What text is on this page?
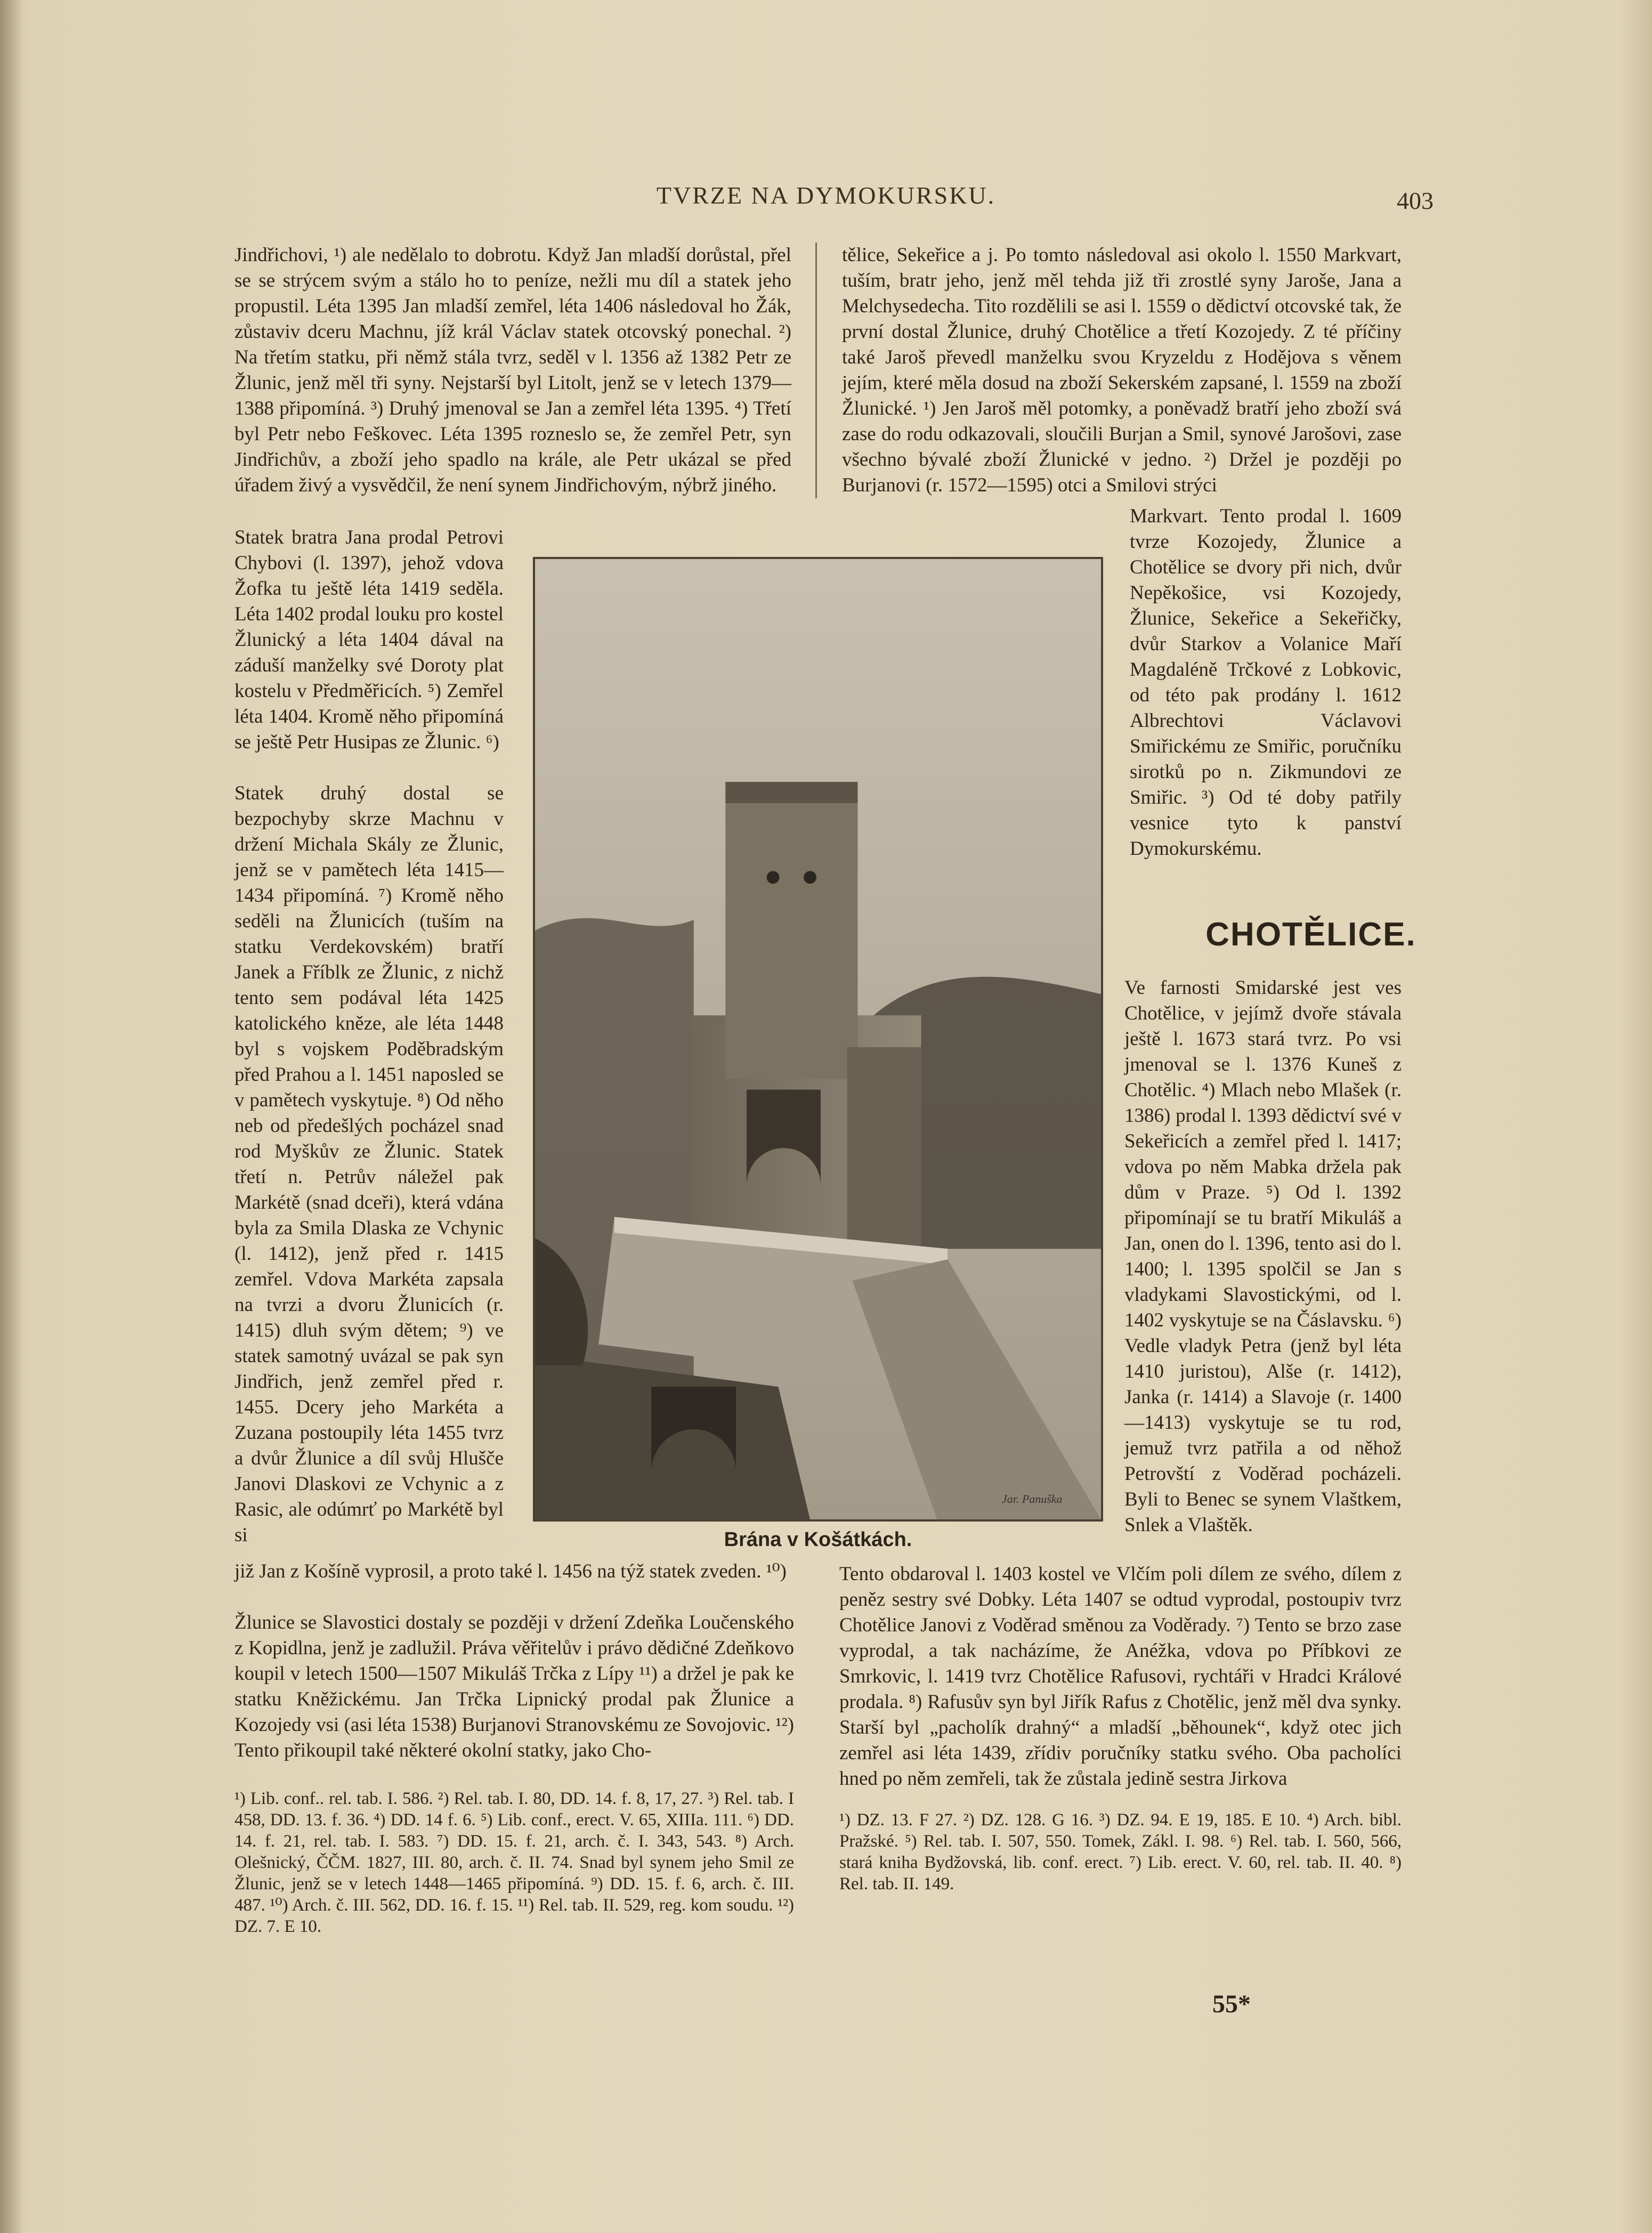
TVRZE NA DYMOKURSKU.	403
Jindřichovi, ¹) ale nedělalo to dobrotu. Když Jan mladší dorůstal, přel se se strýcem svým a stálo ho to peníze, nežli mu díl a statek jeho propustil. Léta 1395 Jan mladší zemřel, léta 1406 následoval ho Žák, zůstaviv dceru Machnu, jíž král Václav statek otcovský ponechal. ²) Na třetím statku, při němž stála tvrz, seděl v l. 1356 až 1382 Petr ze Žlunic, jenž měl tři syny. Nejstarší byl Litolt, jenž se v letech 1379—1388 připomíná. ³) Druhý jmenoval se Jan a zemřel léta 1395. ⁴) Třetí byl Petr nebo Feškovec. Léta 1395 rozneslo se, že zemřel Petr, syn Jindřichův, a zboží jeho spadlo na krále, ale Petr ukázal se před úřadem živý a vysvědčil, že není synem Jindřichovým, nýbrž jiného.
tělice, Sekeřice a j. Po tomto následoval asi okolo l. 1550 Markvart, tuším, bratr jeho, jenž měl tehda již tři zrostlé syny Jaroše, Jana a Melchysedecha. Tito rozdělili se asi l. 1559 o dědictví otcovské tak, že první dostal Žlunice, druhý Chotělice a třetí Kozojedy. Z té příčiny také Jaroš převedl manželku svou Kryzeldu z Hodějova s věnem jejím, které měla dosud na zboží Sekerském zapsané, l. 1559 na zboží Žlunické. ¹) Jen Jaroš měl potomky, a poněvadž bratří jeho zboží svá zase do rodu odkazovali, sloučili Burjan a Smil, synové Jarošovi, zase všechno bývalé zboží Žlunické v jedno. ²) Držel je později po Burjanovi (r. 1572—1595) otci a Smilovi strýci
Statek bratra Jana prodal Petrovi Chybovi (l. 1397), jehož vdova Žofka tu ještě léta 1419 seděla. Léta 1402 prodal louku pro kostel Žlunický a léta 1404 dával na záduší manželky své Doroty plat kostelu v Předměřicích. ⁵) Zemřel léta 1404. Kromě něho připomíná se ještě Petr Husipas ze Žlunic. ⁶)

Statek druhý dostal se bezpochyby skrze Machnu v držení Michala Skály ze Žlunic, jenž se v pamětech léta 1415—1434 připomíná. ⁷) Kromě něho seděli na Žlunicích (tuším na statku Verdekovském) bratří Janek a Fříblk ze Žlunic, z nichž tento sem podával léta 1425 katolického kněze, ale léta 1448 byl s vojskem Poděbradským před Prahou a l. 1451 naposled se v pamětech vyskytuje. ⁸) Od něho neb od předešlých pocházel snad rod Myškův ze Žlunic. Statek třetí n. Petrův náležel pak Markétě (snad dceři), která vdána byla za Smila Dlaska ze Vchynic (l. 1412), jenž před r. 1415 zemřel. Vdova Markéta zapsala na tvrzi a dvoru Žlunicích (r. 1415) dluh svým dětem; ⁹) ve statek samotný uvázal se pak syn Jindřich, jenž zemřel před r. 1455. Dcery jeho Markéta a Zuzana postoupily léta 1455 tvrz a dvůr Žlunice a díl svůj Hlušče Janovi Dlaskovi ze Vchynic a z Rasic, ale odúmrť po Markétě byl si	Brána v Košátkách.
Jar. Panuška
Markvart. Tento prodal l. 1609 tvrze Kozojedy, Žlunice a Chotělice se dvory při nich, dvůr Nepěkošice, vsi Kozojedy, Žlunice, Sekeřice a Sekeřičky, dvůr Starkov a Volanice Maří Magdaléně Trčkové z Lobkovic, od této pak prodány l. 1612 Albrechtovi Václavovi Smiřickému ze Smiřic, poručníku sirotků po n. Zikmundovi ze Smiřic. ³) Od té doby patřily vesnice tyto k panství Dymokurskému.
CHOTĚLICE.
Ve farnosti Smidarské jest ves Chotělice, v jejímž dvoře stávala ještě l. 1673 stará tvrz. Po vsi jmenoval se l. 1376 Kuneš z Chotělic. ⁴) Mlach nebo Mlašek (r. 1386) prodal l. 1393 dědictví své v Sekeřicích a zemřel před l. 1417; vdova po něm Mabka držela pak dům v Praze. ⁵) Od l. 1392 připomínají se tu bratří Mikuláš a Jan, onen do l. 1396, tento asi do l. 1400; l. 1395 spolčil se Jan s vladykami Slavostickými, od l. 1402 vyskytuje se na Čáslavsku. ⁶) Vedle vladyk Petra (jenž byl léta 1410 juristou), Alše (r. 1412), Janka (r. 1414) a Slavoje (r. 1400—1413) vyskytuje se tu rod, jemuž tvrz patřila a od něhož Petrovští z Voděrad pocházeli. Byli to Benec se synem Vlaštkem, Snlek a Vlaštěk.
již Jan z Košíně vyprosil, a proto také l. 1456 na týž statek zveden. ¹⁰)

Žlunice se Slavostici dostaly se později v držení Zdeňka Loučenského z Kopidlna, jenž je zadlužil. Práva věřitelův i právo dědičné Zdeňkovo koupil v letech 1500—1507 Mikuláš Trčka z Lípy ¹¹) a držel je pak ke statku Kněžickému. Jan Trčka Lipnický prodal pak Žlunice a Kozojedy vsi (asi léta 1538) Burjanovi Stranovskému ze Sovojovic. ¹²) Tento přikoupil také některé okolní statky, jako Cho-
Tento obdaroval l. 1403 kostel ve Vlčím poli dílem ze svého, dílem z peněz sestry své Dobky. Léta 1407 se odtud vyprodal, postoupiv tvrz Chotělice Janovi z Voděrad směnou za Voděrady. ⁷) Tento se brzo zase vyprodal, a tak nacházíme, že Anéžka, vdova po Příbkovi ze Smrkovic, l. 1419 tvrz Chotělice Rafusovi, rychtáři v Hradci Králové prodala. ⁸) Rafusův syn byl Jiřík Rafus z Chotělic, jenž měl dva synky. Starší byl „pacholík drahný“ a mladší „běhounek“, když otec jich zemřel asi léta 1439, zřídiv poručníky statku svého. Oba pacholíci hned po něm zemřeli, tak že zůstala jedině sestra Jirkova
¹) Lib. conf.. rel. tab. I. 586. ²) Rel. tab. I. 80, DD. 14. f. 8, 17, 27. ³) Rel. tab. I 458, DD. 13. f. 36. ⁴) DD. 14 f. 6. ⁵) Lib. conf., erect. V. 65, XIIIa. 111. ⁶) DD. 14. f. 21, rel. tab. I. 583. ⁷) DD. 15. f. 21, arch. č. I. 343, 543. ⁸) Arch. Olešnický, ČČM. 1827, III. 80, arch. č. II. 74. Snad byl synem jeho Smil ze Žlunic, jenž se v letech 1448—1465 připomíná. ⁹) DD. 15. f. 6, arch. č. III. 487. ¹⁰) Arch. č. III. 562, DD. 16. f. 15. ¹¹) Rel. tab. II. 529, reg. kom soudu. ¹²) DZ. 7. E 10.
¹) DZ. 13. F 27. ²) DZ. 128. G 16. ³) DZ. 94. E 19, 185. E 10. ⁴) Arch. bibl. Pražské. ⁵) Rel. tab. I. 507, 550. Tomek, Zákl. I. 98. ⁶) Rel. tab. I. 560, 566, stará kniha Bydžovská, lib. conf. erect. ⁷) Lib. erect. V. 60, rel. tab. II. 40. ⁸) Rel. tab. II. 149.
55*
